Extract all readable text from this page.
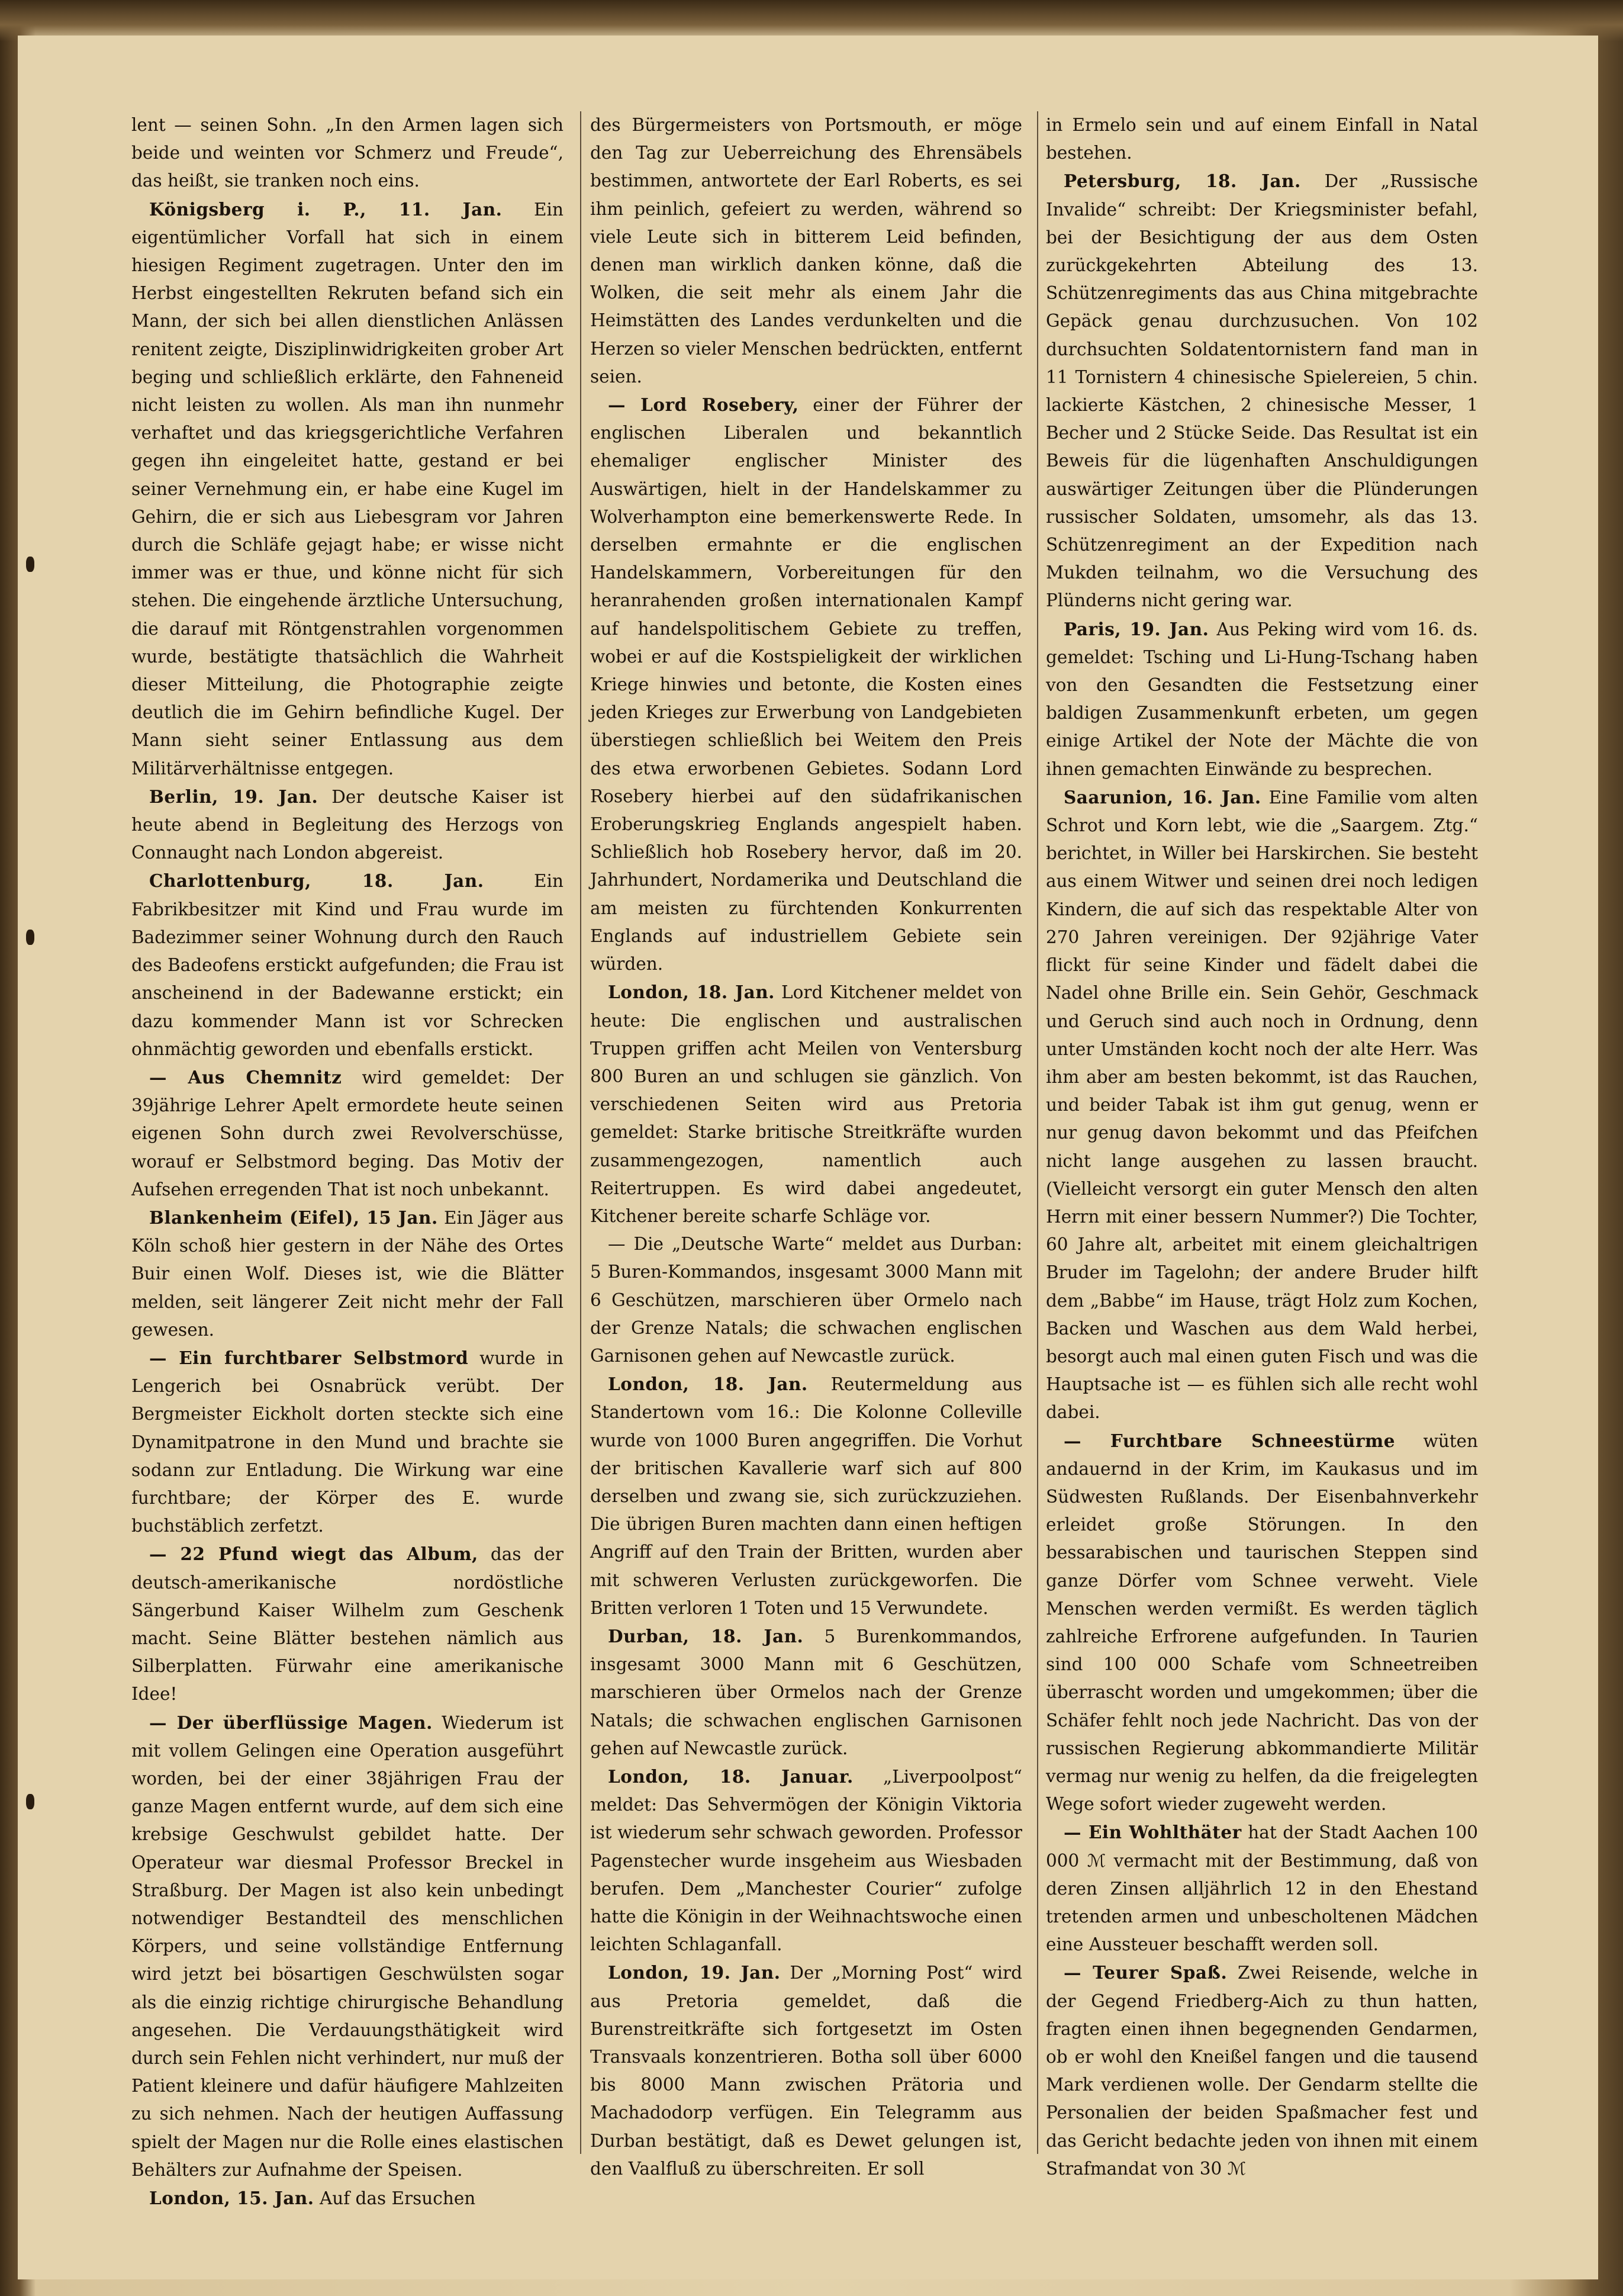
lent — seinen Sohn. „In den Armen lagen sich beide und weinten vor Schmerz und Freude“, das heißt, sie tranken noch eins.

Königsberg i. P., 11. Jan. Ein eigentümlicher Vorfall hat sich in einem hiesigen Regiment zugetragen. Unter den im Herbst eingestellten Rekruten befand sich ein Mann, der sich bei allen dienstlichen Anlässen renitent zeigte, Disziplinwidrigkeiten grober Art beging und schließlich erklärte, den Fahneneid nicht leisten zu wollen. Als man ihn nunmehr verhaftet und das kriegsgerichtliche Verfahren gegen ihn eingeleitet hatte, gestand er bei seiner Vernehmung ein, er habe eine Kugel im Gehirn, die er sich aus Liebesgram vor Jahren durch die Schläfe gejagt habe; er wisse nicht immer was er thue, und könne nicht für sich stehen. Die eingehende ärztliche Untersuchung, die darauf mit Röntgenstrahlen vorgenommen wurde, bestätigte thatsächlich die Wahrheit dieser Mitteilung, die Photographie zeigte deutlich die im Gehirn befindliche Kugel. Der Mann sieht seiner Entlassung aus dem Militärverhältnisse entgegen.

Berlin, 19. Jan. Der deutsche Kaiser ist heute abend in Begleitung des Herzogs von Connaught nach London abgereist.

Charlottenburg, 18. Jan.	Ein Fabrikbesitzer mit Kind und Frau wurde im Badezimmer seiner Wohnung durch den Rauch des Badeofens erstickt aufgefunden; die Frau ist anscheinend in der Badewanne erstickt; ein dazu kommender Mann ist vor Schrecken ohnmächtig geworden und ebenfalls erstickt.

— Aus Chemnitz wird gemeldet: Der 39jährige Lehrer Apelt ermordete heute seinen eigenen Sohn durch zwei Revolverschüsse, worauf er Selbstmord beging. Das Motiv der Aufsehen erregenden That ist noch unbekannt.

Blankenheim (Eifel), 15 Jan. Ein Jäger aus Köln schoß hier gestern in der Nähe des Ortes Buir einen Wolf. Dieses ist, wie die Blätter melden, seit längerer Zeit nicht mehr der Fall gewesen.

— Ein furchtbarer Selbstmord wurde in Lengerich bei Osnabrück verübt. Der Bergmeister Eickholt dorten steckte sich eine Dynamitpatrone in den Mund und brachte sie sodann zur Entladung. Die Wirkung war eine furchtbare; der Körper des E. wurde buchstäblich zerfetzt.

— 22 Pfund wiegt das Album, das der deutsch-amerikanische nordöstliche Sängerbund Kaiser Wilhelm zum Geschenk macht. Seine Blätter bestehen nämlich aus Silberplatten. Fürwahr eine amerikanische Idee!

— Der überflüssige Magen. Wiederum ist mit vollem Gelingen eine Operation ausgeführt worden, bei der einer 38jährigen Frau der ganze Magen entfernt wurde, auf dem sich eine krebsige Geschwulst gebildet hatte. Der Operateur war diesmal Professor Breckel in Straßburg. Der Magen ist also kein unbedingt notwendiger Bestandteil des menschlichen Körpers, und seine vollständige Entfernung wird jetzt bei bösartigen Geschwülsten sogar als die einzig richtige chirurgische Behandlung angesehen. Die Verdauungsthätigkeit wird durch sein Fehlen nicht verhindert, nur muß der Patient kleinere und dafür häufigere Mahlzeiten zu sich nehmen. Nach der heutigen Auffassung spielt der Magen nur die Rolle eines elastischen Behälters zur Aufnahme der Speisen.

London, 15. Jan. Auf das Ersuchen

des Bürgermeisters von Portsmouth, er möge den Tag zur Ueberreichung des Ehrensäbels bestimmen, antwortete der Earl Roberts, es sei ihm peinlich, gefeiert zu werden, während so viele Leute sich in bitterem Leid befinden, denen man wirklich danken könne, daß die Wolken, die seit mehr als einem Jahr die Heimstätten des Landes verdunkelten und die Herzen so vieler Menschen bedrückten, entfernt seien.

— Lord Rosebery, einer der Führer der englischen Liberalen und bekanntlich ehemaliger englischer Minister des Auswärtigen, hielt in der Handelskammer zu Wolverhampton eine bemerkenswerte Rede. In derselben ermahnte er die englischen Handelskammern, Vorbereitungen für den heranrahenden großen internationalen Kampf auf handelspolitischem Gebiete zu treffen, wobei er auf die Kostspieligkeit der wirklichen Kriege hinwies und betonte, die Kosten eines jeden Krieges zur Erwerbung von Landgebieten überstiegen schließlich bei Weitem den Preis des etwa erworbenen Gebietes. Sodann Lord Rosebery hierbei auf den südafrikanischen Eroberungskrieg Englands angespielt haben. Schließlich hob Rosebery hervor, daß im 20. Jahrhundert, Nordamerika und Deutschland die am meisten zu fürchtenden Konkurrenten Englands auf industriellem Gebiete sein würden.

London, 18. Jan. Lord Kitchener meldet von heute: Die englischen und australischen Truppen griffen acht Meilen von Ventersburg 800 Buren an und schlugen sie gänzlich. Von verschiedenen Seiten wird aus Pretoria gemeldet: Starke britische Streitkräfte wurden zusammengezogen, namentlich auch Reitertruppen. Es wird dabei angedeutet, Kitchener bereite scharfe Schläge vor.

— Die „Deutsche Warte“ meldet aus Durban: 5 Buren-Kommandos, insgesamt 3000 Mann mit 6 Geschützen, marschieren über Ormelo nach der Grenze Natals; die schwachen englischen Garnisonen gehen auf Newcastle zurück.

London, 18. Jan. Reutermeldung aus Standertown vom 16.: Die Kolonne Colleville wurde von 1000 Buren angegriffen. Die Vorhut der britischen Kavallerie warf sich auf 800 derselben und zwang sie, sich zurückzuziehen. Die übrigen Buren machten dann einen heftigen Angriff auf den Train der Britten, wurden aber mit schweren Verlusten zurückgeworfen. Die Britten verloren 1 Toten und 15 Verwundete.

Durban, 18. Jan. 5 Burenkommandos, insgesamt 3000 Mann mit 6 Geschützen, marschieren über Ormelos nach der Grenze Natals; die schwachen englischen Garnisonen gehen auf Newcastle zurück.

London, 18. Januar. „Liverpoolpost“ meldet: Das Sehvermögen der Königin Viktoria ist wiederum sehr schwach geworden. Professor Pagenstecher wurde insgeheim aus Wiesbaden berufen. Dem „Manchester Courier“ zufolge hatte die Königin in der Weihnachtswoche einen leichten Schlaganfall.

London, 19. Jan. Der „Morning Post“ wird aus Pretoria gemeldet, daß die Burenstreitkräfte sich fortgesetzt im Osten Transvaals konzentrieren. Botha soll über 6000 bis 8000 Mann zwischen Prätoria und Machadodorp verfügen. Ein Telegramm aus Durban bestätigt, daß es Dewet gelungen ist, den Vaalfluß zu überschreiten. Er soll

in Ermelo sein und auf einem Einfall in Natal bestehen.

Petersburg, 18. Jan. Der „Russische Invalide“ schreibt: Der Kriegsminister befahl, bei der Besichtigung der aus dem Osten zurückgekehrten Abteilung des 13. Schützenregiments das aus China mitgebrachte Gepäck genau durchzusuchen. Von 102 durchsuchten Soldatentornistern fand man in 11 Tornistern 4 chinesische Spielereien, 5 chin. lackierte Kästchen, 2 chinesische Messer, 1 Becher und 2 Stücke Seide. Das Resultat ist ein Beweis für die lügenhaften Anschuldigungen auswärtiger Zeitungen über die Plünderungen russischer Soldaten, umsomehr, als das 13. Schützenregiment an der Expedition nach Mukden teilnahm, wo die Versuchung des Plünderns nicht gering war.

Paris, 19. Jan. Aus Peking wird vom 16. ds. gemeldet: Tsching und Li-Hung-Tschang haben von den Gesandten die Festsetzung einer baldigen Zusammenkunft erbeten, um gegen einige Artikel der Note der Mächte die von ihnen gemachten Einwände zu besprechen.

Saarunion, 16. Jan. Eine Familie vom alten Schrot und Korn lebt, wie die „Saargem. Ztg.“ berichtet, in Willer bei Harskirchen. Sie besteht aus einem Witwer und seinen drei noch ledigen Kindern, die auf sich das respektable Alter von 270 Jahren vereinigen. Der 92jährige Vater flickt für seine Kinder und fädelt dabei die Nadel ohne Brille ein. Sein Gehör, Geschmack und Geruch sind auch noch in Ordnung, denn unter Umständen kocht noch der alte Herr. Was ihm aber am besten bekommt, ist das Rauchen, und beider Tabak ist ihm gut genug, wenn er nur genug davon bekommt und das Pfeifchen nicht lange ausgehen zu lassen braucht. (Vielleicht versorgt ein guter Mensch den alten Herrn mit einer bessern Nummer?) Die Tochter, 60 Jahre alt, arbeitet mit einem gleichaltrigen Bruder im Tagelohn; der andere Bruder hilft dem „Babbe“ im Hause, trägt Holz zum Kochen, Backen und Waschen aus dem Wald herbei, besorgt auch mal einen guten Fisch und was die Hauptsache ist — es fühlen sich alle recht wohl dabei.

— Furchtbare Schneestürme wüten andauernd in der Krim, im Kaukasus und im Südwesten Rußlands. Der Eisenbahnverkehr erleidet große Störungen. In den bessarabischen und taurischen Steppen sind ganze Dörfer vom Schnee verweht. Viele Menschen werden vermißt. Es werden täglich zahlreiche Erfrorene aufgefunden. In Taurien sind 100 000 Schafe vom Schneetreiben überrascht worden und umgekommen; über die Schäfer fehlt noch jede Nachricht. Das von der russischen Regierung abkommandierte Militär vermag nur wenig zu helfen, da die freigelegten Wege sofort wieder zugeweht werden.

— Ein Wohlthäter hat der Stadt Aachen 100 000 ℳ vermacht mit der Bestimmung, daß von deren Zinsen alljährlich 12 in den Ehestand tretenden armen und unbescholtenen Mädchen eine Aussteuer beschafft werden soll.

— Teurer Spaß. Zwei Reisende, welche in der Gegend Friedberg-Aich zu thun hatten, fragten einen ihnen begegnenden Gendarmen, ob er wohl den Kneißel fangen und die tausend Mark verdienen wolle. Der Gendarm stellte die Personalien der beiden Spaßmacher fest und das Gericht bedachte jeden von ihnen mit einem Strafmandat von 30 ℳ
